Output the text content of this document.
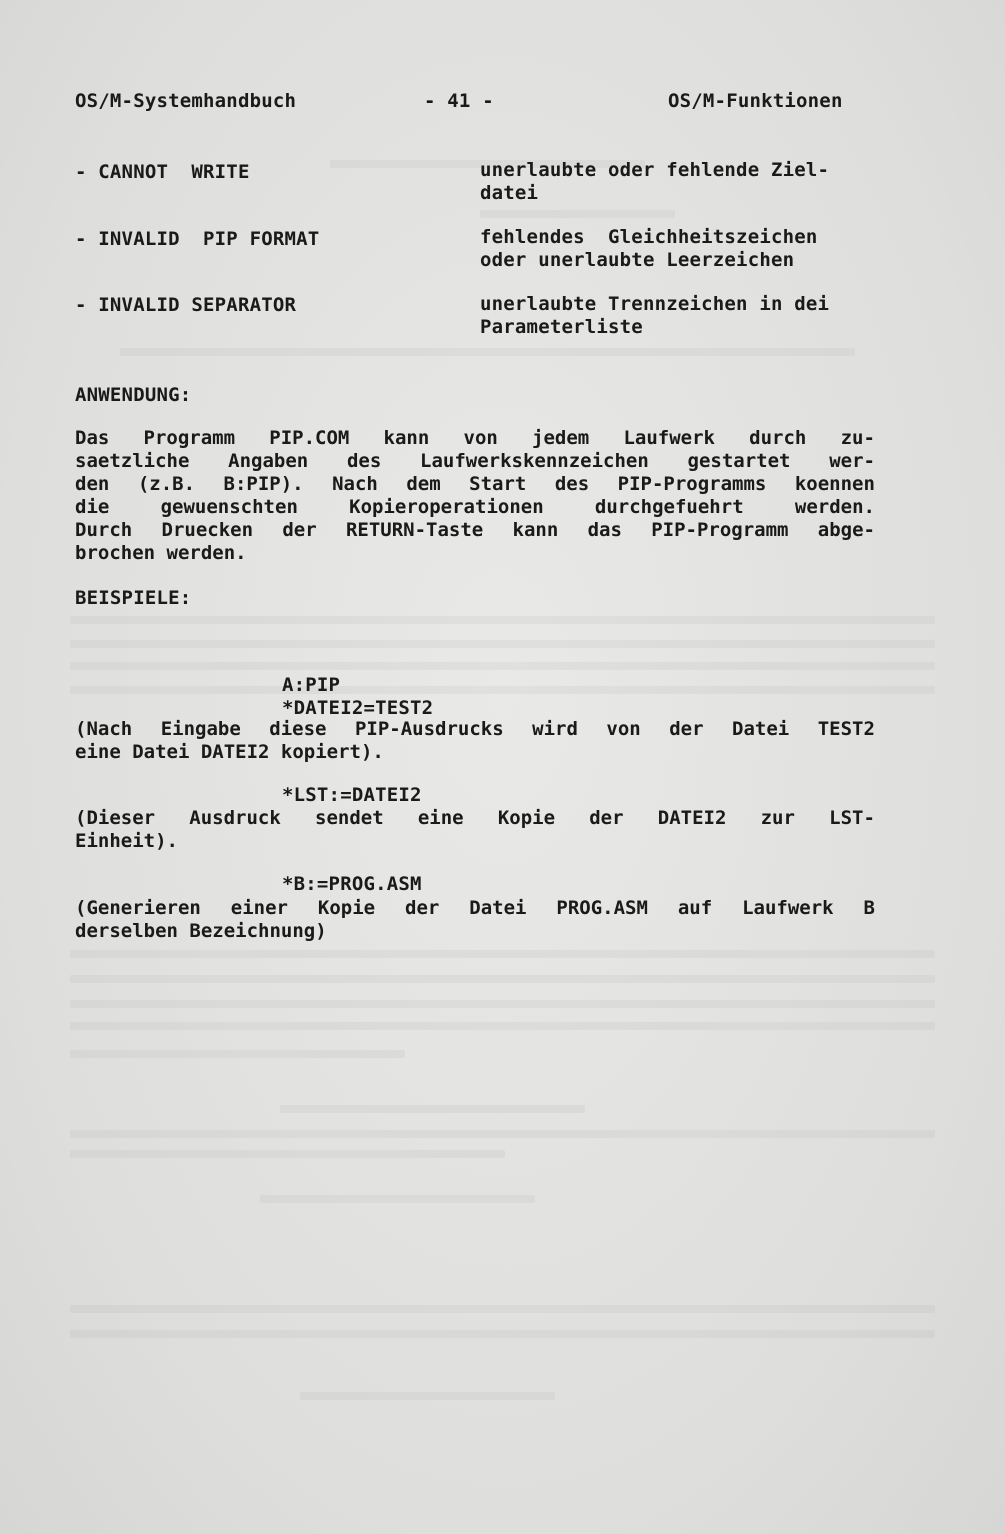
OS/M-Systemhandbuch	- 41 -	OS/M-Funktionen
- CANNOT  WRITE	unerlaubte oder fehlende Ziel-
datei
- INVALID  PIP FORMAT	fehlendes  Gleichheitszeichen
oder unerlaubte Leerzeichen
- INVALID SEPARATOR	unerlaubte Trennzeichen in dei
Parameterliste
ANWENDUNG:
Das Programm PIP.COM kann von jedem Laufwerk durch zu-
saetzliche Angaben des Laufwerkskennzeichen gestartet wer-
den (z.B. B:PIP). Nach dem Start des PIP-Programms koennen
die	gewuenschten	Kopieroperationen	durchgefuehrt	werden.
Durch Druecken der RETURN-Taste kann das PIP-Programm abge-
brochen werden.
BEISPIELE:
A:PIP
*DATEI2=TEST2
(Nach Eingabe diese PIP-Ausdrucks wird von der Datei TEST2
eine Datei DATEI2 kopiert).
*LST:=DATEI2
(Dieser Ausdruck sendet eine Kopie der DATEI2 zur LST-
Einheit).
*B:=PROG.ASM
(Generieren einer Kopie der Datei PROG.ASM auf Laufwerk B
derselben Bezeichnung)
